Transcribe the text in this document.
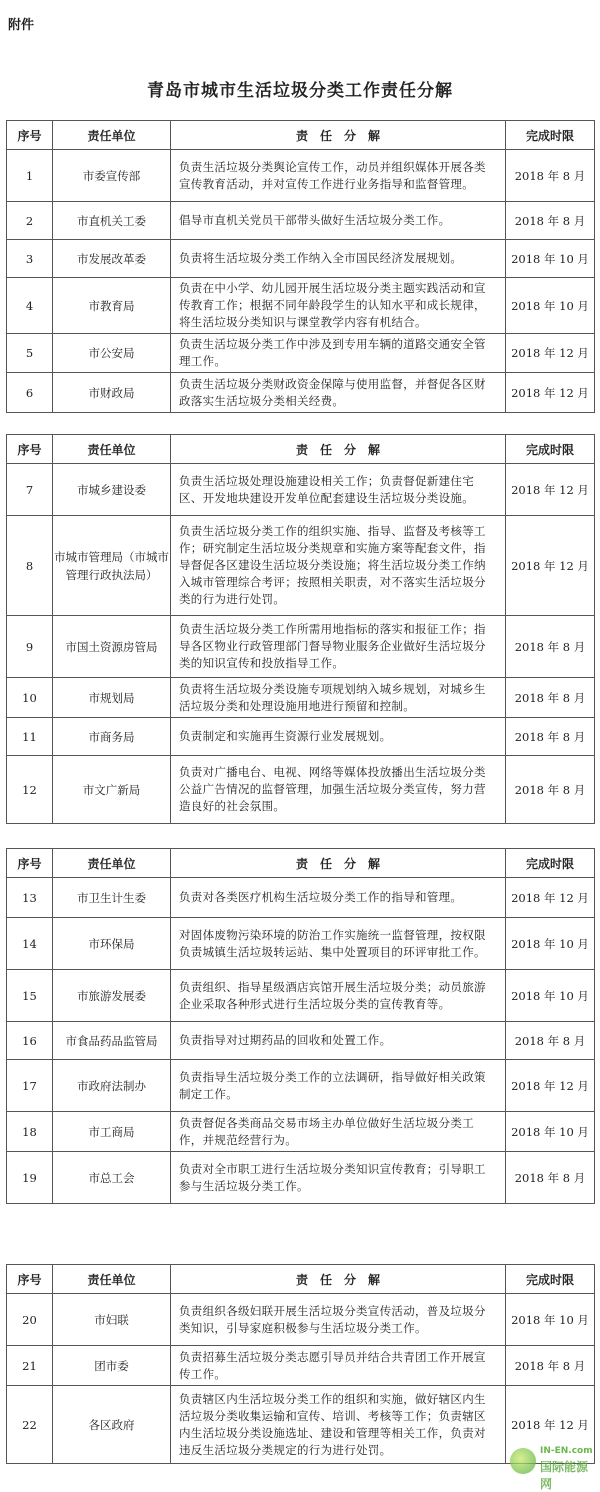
附件
青岛市城市生活垃圾分类工作责任分解
序号	责任单位	责　任　分　解	完成时限
1	市委宣传部	负责生活垃圾分类舆论宣传工作，动员并组织媒体开展各类宣传教育活动，并对宣传工作进行业务指导和监督管理。	2018 年 8 月
2	市直机关工委	倡导市直机关党员干部带头做好生活垃圾分类工作。	2018 年 8 月
3	市发展改革委	负责将生活垃圾分类工作纳入全市国民经济发展规划。	2018 年 10 月
4	市教育局	负责在中小学、幼儿园开展生活垃圾分类主题实践活动和宣传教育工作；根据不同年龄段学生的认知水平和成长规律，将生活垃圾分类知识与课堂教学内容有机结合。	2018 年 10 月
5	市公安局	负责生活垃圾分类工作中涉及到专用车辆的道路交通安全管理工作。	2018 年 12 月
6	市财政局	负责生活垃圾分类财政资金保障与使用监督，并督促各区财政落实生活垃圾分类相关经费。	2018 年 12 月
序号	责任单位	责　任　分　解	完成时限
7	市城乡建设委	负责生活垃圾处理设施建设相关工作；负责督促新建住宅区、开发地块建设开发单位配套建设生活垃圾分类设施。	2018 年 12 月
8	市城市管理局（市城市管理行政执法局）	负责生活垃圾分类工作的组织实施、指导、监督及考核等工作；研究制定生活垃圾分类规章和实施方案等配套文件，指导督促各区建设生活垃圾分类设施；将生活垃圾分类工作纳入城市管理综合考评；按照相关职责，对不落实生活垃圾分类的行为进行处罚。	2018 年 12 月
9	市国土资源房管局	负责生活垃圾分类工作所需用地指标的落实和报征工作；指导各区物业行政管理部门督导物业服务企业做好生活垃圾分类的知识宣传和投放指导工作。	2018 年 8 月
10	市规划局	负责将生活垃圾分类设施专项规划纳入城乡规划，对城乡生活垃圾分类和处理设施用地进行预留和控制。	2018 年 8 月
11	市商务局	负责制定和实施再生资源行业发展规划。	2018 年 8 月
12	市文广新局	负责对广播电台、电视、网络等媒体投放播出生活垃圾分类公益广告情况的监督管理，加强生活垃圾分类宣传，努力营造良好的社会氛围。	2018 年 8 月
序号	责任单位	责　任　分　解	完成时限
13	市卫生计生委	负责对各类医疗机构生活垃圾分类工作的指导和管理。	2018 年 12 月
14	市环保局	对固体废物污染环境的防治工作实施统一监督管理，按权限负责城镇生活垃圾转运站、集中处置项目的环评审批工作。	2018 年 10 月
15	市旅游发展委	负责组织、指导星级酒店宾馆开展生活垃圾分类；动员旅游企业采取各种形式进行生活垃圾分类的宣传教育等。	2018 年 10 月
16	市食品药品监管局	负责指导对过期药品的回收和处置工作。	2018 年 8 月
17	市政府法制办	负责指导生活垃圾分类工作的立法调研，指导做好相关政策制定工作。	2018 年 12 月
18	市工商局	负责督促各类商品交易市场主办单位做好生活垃圾分类工作，并规范经营行为。	2018 年 10 月
19	市总工会	负责对全市职工进行生活垃圾分类知识宣传教育；引导职工参与生活垃圾分类工作。	2018 年 8 月
序号	责任单位	责　任　分　解	完成时限
20	市妇联	负责组织各级妇联开展生活垃圾分类宣传活动，普及垃圾分类知识，引导家庭积极参与生活垃圾分类工作。	2018 年 10 月
21	团市委	负责招募生活垃圾分类志愿引导员并结合共青团工作开展宣传工作。	2018 年 8 月
22	各区政府	负责辖区内生活垃圾分类工作的组织和实施，做好辖区内生活垃圾分类收集运输和宣传、培训、考核等工作；负责辖区内生活垃圾分类设施选址、建设和管理等相关工作，负责对违反生活垃圾分类规定的行为进行处罚。	2018 年 12 月
IN-EN.com
国际能源网
